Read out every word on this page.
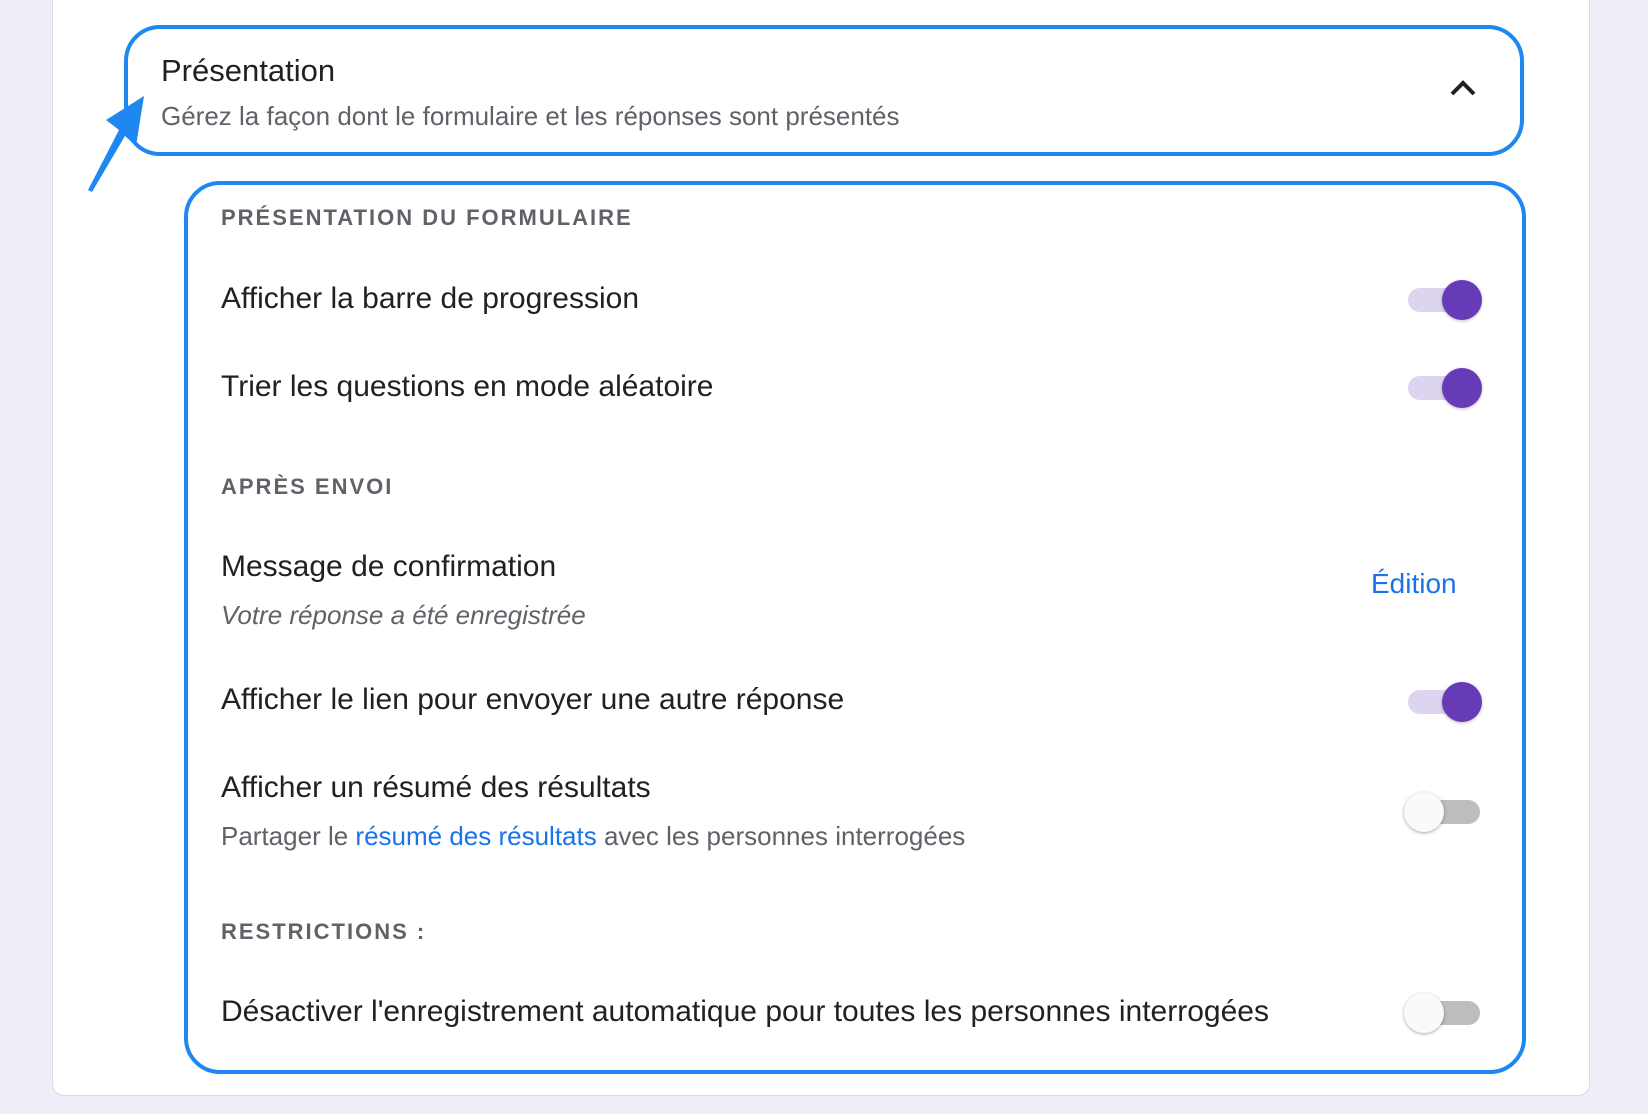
Présentation
Gérez la façon dont le formulaire et les réponses sont présentés
PRÉSENTATION DU FORMULAIRE
Afficher la barre de progression
Trier les questions en mode aléatoire
APRÈS ENVOI
Message de confirmation
Votre réponse a été enregistrée
Édition
Afficher le lien pour envoyer une autre réponse
Afficher un résumé des résultats
Partager le résumé des résultats avec les personnes interrogées
RESTRICTIONS :
Désactiver l'enregistrement automatique pour toutes les personnes interrogées
